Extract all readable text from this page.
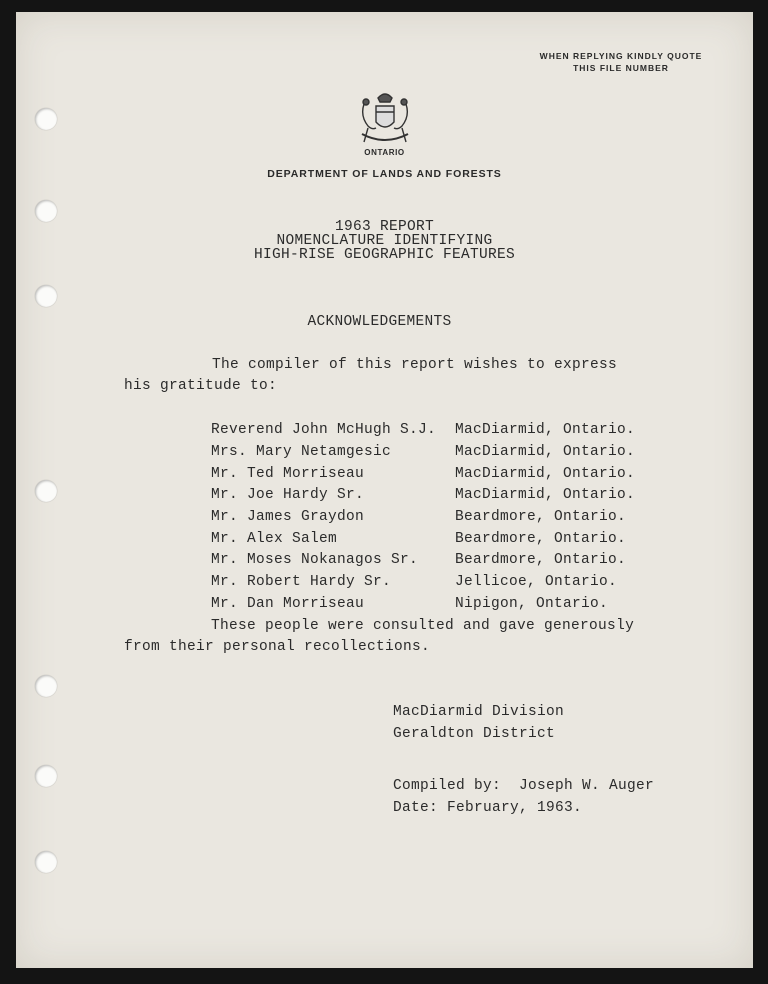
WHEN REPLYING KINDLY QUOTE
THIS FILE NUMBER
ONTARIO
DEPARTMENT OF LANDS AND FORESTS
1963 REPORT
NOMENCLATURE IDENTIFYING
HIGH-RISE GEOGRAPHIC FEATURES
ACKNOWLEDGEMENTS
The compiler of this report wishes to express
his gratitude to:
Reverend John McHugh S.J. MacDiarmid, Ontario.
Mrs. Mary Netamgesic	MacDiarmid, Ontario.
Mr. Ted Morriseau	MacDiarmid, Ontario.
Mr. Joe Hardy Sr.	MacDiarmid, Ontario.
Mr. James Graydon	Beardmore, Ontario.
Mr. Alex Salem	Beardmore, Ontario.
Mr. Moses Nokanagos Sr.	Beardmore, Ontario.
Mr. Robert Hardy Sr.	Jellicoe, Ontario.
Mr. Dan Morriseau	Nipigon, Ontario.
These people were consulted and gave generously
from their personal recollections.
MacDiarmid Division
Geraldton District
Compiled by:  Joseph W. Auger
Date: February, 1963.
